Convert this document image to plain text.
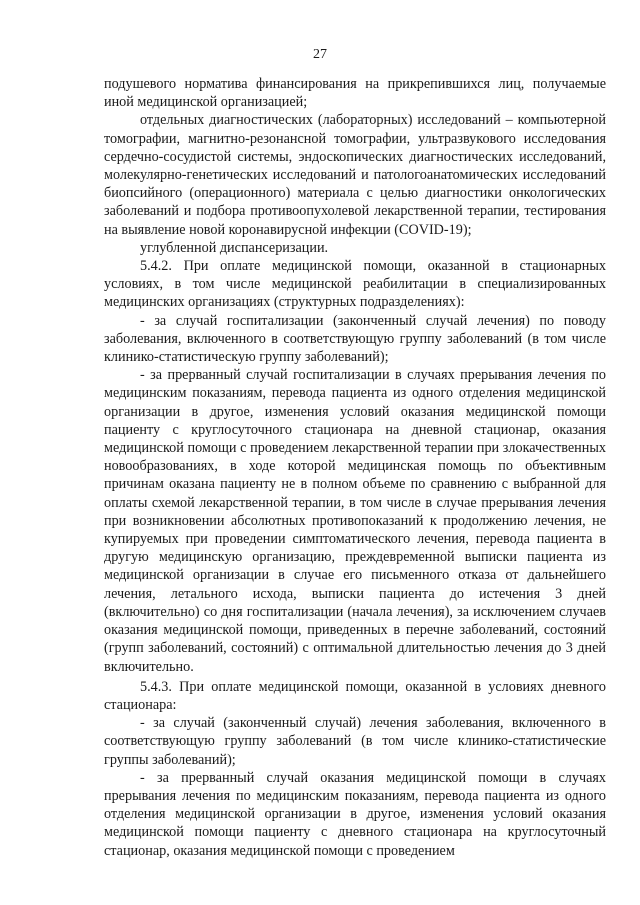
27

подушевого норматива финансирования на прикрепившихся лиц, получаемые иной медицинской организацией;

отдельных диагностических (лабораторных) исследований – компьютерной томографии, магнитно-резонансной томографии, ультразвукового исследования сердечно-сосудистой системы, эндоскопических диагностических исследований, молекулярно-генетических исследований и патологоанатомических исследований биопсийного (операционного) материала с целью диагностики онкологических заболеваний и подбора противоопухолевой лекарственной терапии, тестирования на выявление новой коронавирусной инфекции (COVID-19);

углубленной диспансеризации.

5.4.2. При оплате медицинской помощи, оказанной в стационарных условиях, в том числе медицинской реабилитации в специализированных медицинских организациях (структурных подразделениях):

- за случай госпитализации (законченный случай лечения) по поводу заболевания, включенного в соответствующую группу заболеваний (в том числе клинико-статистическую группу заболеваний);

- за прерванный случай госпитализации в случаях прерывания лечения по медицинским показаниям, перевода пациента из одного отделения медицинской организации в другое, изменения условий оказания медицинской помощи пациенту с круглосуточного стационара на дневной стационар, оказания медицинской помощи с проведением лекарственной терапии при злокачественных новообразованиях, в ходе которой медицинская помощь по объективным причинам оказана пациенту не в полном объеме по сравнению с выбранной для оплаты схемой лекарственной терапии, в том числе в случае прерывания лечения при возникновении абсолютных противопоказаний к продолжению лечения, не купируемых при проведении симптоматического лечения, перевода пациента в другую медицинскую организацию, преждевременной выписки пациента из медицинской организации в случае его письменного отказа от дальнейшего лечения, летального исхода, выписки пациента до истечения 3 дней (включительно) со дня госпитализации (начала лечения), за исключением случаев оказания медицинской помощи, приведенных в перечне заболеваний, состояний (групп заболеваний, состояний) с оптимальной длительностью лечения до 3 дней включительно.

5.4.3. При оплате медицинской помощи, оказанной в условиях дневного стационара:

- за случай (законченный случай) лечения заболевания, включенного в соответствующую группу заболеваний (в том числе клинико-статистические группы заболеваний);

- за прерванный случай оказания медицинской помощи в случаях прерывания лечения по медицинским показаниям, перевода пациента из одного отделения медицинской организации в другое, изменения условий оказания медицинской помощи пациенту с дневного стационара на круглосуточный стационар, оказания медицинской помощи с проведением
